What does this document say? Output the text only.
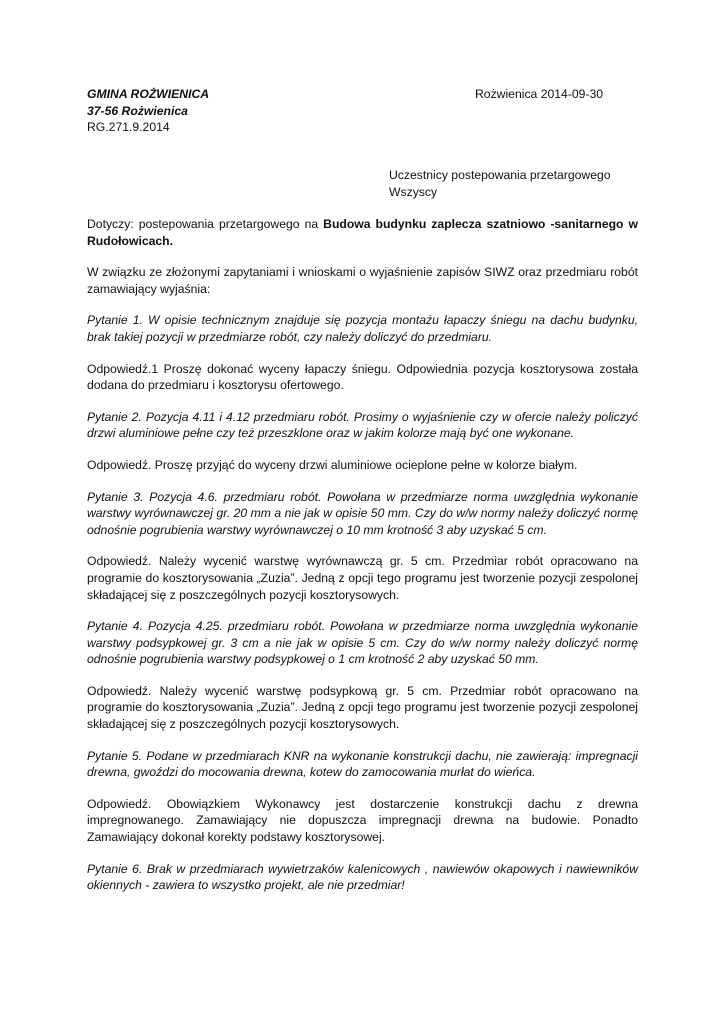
GMINA ROŻWIENICA
37-56 Rożwienica
RG.271.9.2014
Rożwienica 2014-09-30
Uczestnicy postepowania przetargowego
Wszyscy

Dotyczy: postepowania przetargowego na Budowa budynku zaplecza szatniowo -sanitarnego w Rudołowicach.

W związku ze złożonymi zapytaniami i wnioskami o wyjaśnienie zapisów SIWZ oraz przedmiaru robót zamawiający wyjaśnia:

Pytanie 1. W opisie technicznym znajduje się pozycja montażu łapaczy śniegu na dachu budynku, brak takiej pozycji w przedmiarze robót, czy należy doliczyć do przedmiaru.

Odpowiedź.1 Proszę dokonać wyceny łapaczy śniegu. Odpowiednia pozycja kosztorysowa została dodana do przedmiaru i kosztorysu ofertowego.

Pytanie 2. Pozycja 4.11 i 4.12 przedmiaru robót. Prosimy o wyjaśnienie czy w ofercie należy policzyć drzwi aluminiowe pełne czy też przeszklone oraz w jakim kolorze mają być one wykonane.

Odpowiedź. Proszę przyjąć do wyceny drzwi aluminiowe ocieplone pełne w kolorze białym.

Pytanie 3. Pozycja 4.6. przedmiaru robót. Powołana w przedmiarze norma uwzględnia wykonanie warstwy wyrównawczej gr. 20 mm a nie jak w opisie 50 mm. Czy do w/w normy należy doliczyć normę odnośnie pogrubienia warstwy wyrównawczej o 10 mm krotność 3 aby uzyskać 5 cm.

Odpowiedź. Należy wycenić warstwę wyrównawczą gr. 5 cm. Przedmiar robót opracowano na programie do kosztorysowania „Zuzia”. Jedną z opcji tego programu jest tworzenie pozycji zespolonej składającej się z poszczególnych pozycji kosztorysowych.

Pytanie 4. Pozycja 4.25. przedmiaru robót. Powołana w przedmiarze norma uwzględnia wykonanie warstwy podsypkowej gr. 3 cm a nie jak w opisie 5 cm. Czy do w/w normy należy doliczyć normę odnośnie pogrubienia warstwy podsypkowej o 1 cm krotność 2 aby uzyskać 50 mm.

Odpowiedź. Należy wycenić warstwę podsypkową gr. 5 cm. Przedmiar robót opracowano na programie do kosztorysowania „Zuzia”. Jedną z opcji tego programu jest tworzenie pozycji zespolonej składającej się z poszczególnych pozycji kosztorysowych.

Pytanie 5. Podane w przedmiarach KNR na wykonanie konstrukcji dachu, nie zawierają: impregnacji drewna, gwoździ do mocowania drewna, kotew do zamocowania murłat do wieńca.

Odpowiedź. Obowiązkiem Wykonawcy jest dostarczenie konstrukcji dachu z drewna impregnowanego. Zamawiający nie dopuszcza impregnacji drewna na budowie. Ponadto Zamawiający dokonał korekty podstawy kosztorysowej.

Pytanie 6. Brak w przedmiarach wywietrzaków kalenicowych , nawiewów okapowych i nawiewników okiennych - zawiera to wszystko projekt, ale nie przedmiar!
